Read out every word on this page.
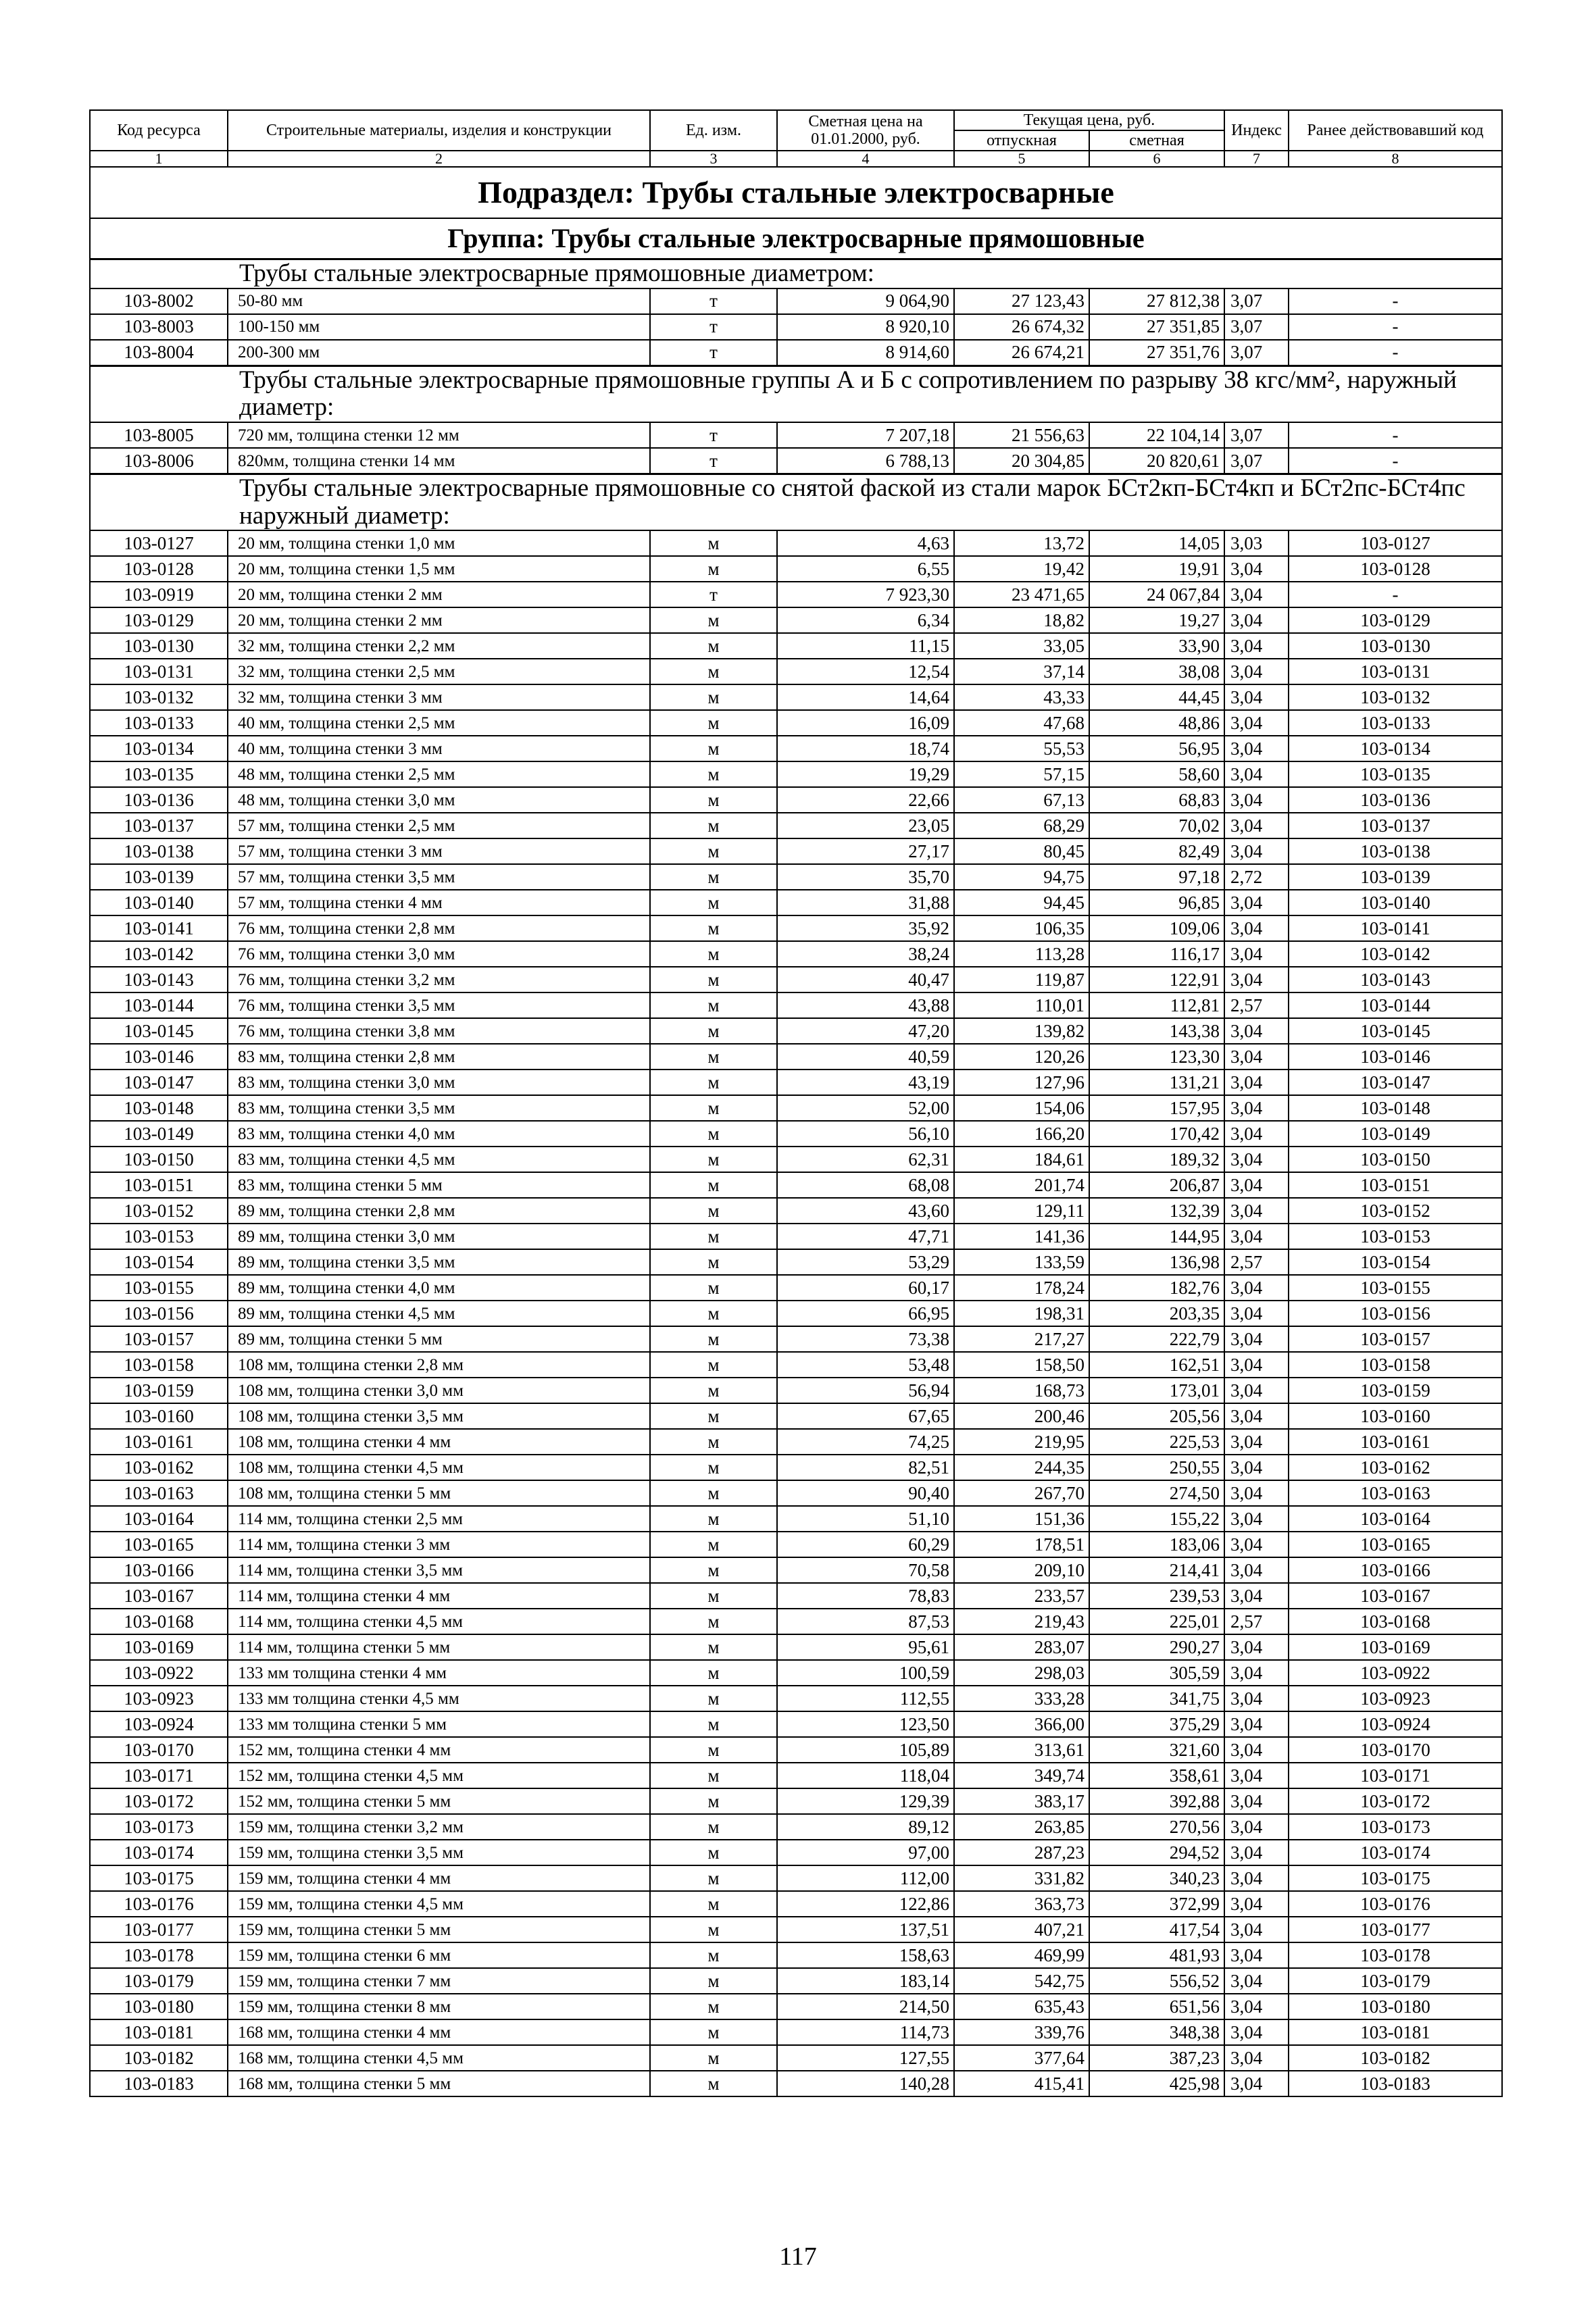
Код ресурса	Строительные материалы, изделия и конструкции	Ед. изм.	Сметная цена на 01.01.2000, руб.	Текущая цена, руб.		Индекс	Ранее действовавший код
				отпускная	сметная		
1	2	3	4	5	6	7	8
Подраздел: Трубы стальные электросварные							
Группа: Трубы стальные электросварные прямошовные							
Трубы стальные электросварные прямошовные диаметром:							
103-8002	50-80 мм	т	9 064,90	27 123,43	27 812,38	3,07	-
103-8003	100-150 мм	т	8 920,10	26 674,32	27 351,85	3,07	-
103-8004	200-300 мм	т	8 914,60	26 674,21	27 351,76	3,07	-
Трубы стальные электросварные прямошовные группы А и Б с сопротивлением по разрыву 38 кгс/мм², наружный диаметр:							
103-8005	720 мм, толщина стенки 12 мм	т	7 207,18	21 556,63	22 104,14	3,07	-
103-8006	820мм, толщина стенки 14 мм	т	6 788,13	20 304,85	20 820,61	3,07	-
Трубы стальные электросварные прямошовные со снятой фаской из стали марок БСт2кп-БСт4кп и БСт2пс-БСт4пс наружный диаметр:							
103-0127	20 мм, толщина стенки 1,0 мм	м	4,63	13,72	14,05	3,03	103-0127
103-0128	20 мм, толщина стенки 1,5 мм	м	6,55	19,42	19,91	3,04	103-0128
103-0919	20 мм, толщина стенки 2 мм	т	7 923,30	23 471,65	24 067,84	3,04	-
103-0129	20 мм, толщина стенки 2 мм	м	6,34	18,82	19,27	3,04	103-0129
103-0130	32 мм, толщина стенки 2,2 мм	м	11,15	33,05	33,90	3,04	103-0130
103-0131	32 мм, толщина стенки 2,5 мм	м	12,54	37,14	38,08	3,04	103-0131
103-0132	32 мм, толщина стенки 3 мм	м	14,64	43,33	44,45	3,04	103-0132
103-0133	40 мм, толщина стенки 2,5 мм	м	16,09	47,68	48,86	3,04	103-0133
103-0134	40 мм, толщина стенки 3 мм	м	18,74	55,53	56,95	3,04	103-0134
103-0135	48 мм, толщина стенки 2,5 мм	м	19,29	57,15	58,60	3,04	103-0135
103-0136	48 мм, толщина стенки 3,0 мм	м	22,66	67,13	68,83	3,04	103-0136
103-0137	57 мм, толщина стенки 2,5 мм	м	23,05	68,29	70,02	3,04	103-0137
103-0138	57 мм, толщина стенки 3 мм	м	27,17	80,45	82,49	3,04	103-0138
103-0139	57 мм, толщина стенки 3,5 мм	м	35,70	94,75	97,18	2,72	103-0139
103-0140	57 мм, толщина стенки 4 мм	м	31,88	94,45	96,85	3,04	103-0140
103-0141	76 мм, толщина стенки 2,8 мм	м	35,92	106,35	109,06	3,04	103-0141
103-0142	76 мм, толщина стенки 3,0 мм	м	38,24	113,28	116,17	3,04	103-0142
103-0143	76 мм, толщина стенки 3,2 мм	м	40,47	119,87	122,91	3,04	103-0143
103-0144	76 мм, толщина стенки 3,5 мм	м	43,88	110,01	112,81	2,57	103-0144
103-0145	76 мм, толщина стенки 3,8 мм	м	47,20	139,82	143,38	3,04	103-0145
103-0146	83 мм, толщина стенки 2,8 мм	м	40,59	120,26	123,30	3,04	103-0146
103-0147	83 мм, толщина стенки 3,0 мм	м	43,19	127,96	131,21	3,04	103-0147
103-0148	83 мм, толщина стенки 3,5 мм	м	52,00	154,06	157,95	3,04	103-0148
103-0149	83 мм, толщина стенки 4,0 мм	м	56,10	166,20	170,42	3,04	103-0149
103-0150	83 мм, толщина стенки 4,5 мм	м	62,31	184,61	189,32	3,04	103-0150
103-0151	83 мм, толщина стенки 5 мм	м	68,08	201,74	206,87	3,04	103-0151
103-0152	89 мм, толщина стенки 2,8 мм	м	43,60	129,11	132,39	3,04	103-0152
103-0153	89 мм, толщина стенки 3,0 мм	м	47,71	141,36	144,95	3,04	103-0153
103-0154	89 мм, толщина стенки 3,5 мм	м	53,29	133,59	136,98	2,57	103-0154
103-0155	89 мм, толщина стенки 4,0 мм	м	60,17	178,24	182,76	3,04	103-0155
103-0156	89 мм, толщина стенки 4,5 мм	м	66,95	198,31	203,35	3,04	103-0156
103-0157	89 мм, толщина стенки 5 мм	м	73,38	217,27	222,79	3,04	103-0157
103-0158	108 мм, толщина стенки 2,8 мм	м	53,48	158,50	162,51	3,04	103-0158
103-0159	108 мм, толщина стенки 3,0 мм	м	56,94	168,73	173,01	3,04	103-0159
103-0160	108 мм, толщина стенки 3,5 мм	м	67,65	200,46	205,56	3,04	103-0160
103-0161	108 мм, толщина стенки 4 мм	м	74,25	219,95	225,53	3,04	103-0161
103-0162	108 мм, толщина стенки 4,5 мм	м	82,51	244,35	250,55	3,04	103-0162
103-0163	108 мм, толщина стенки 5 мм	м	90,40	267,70	274,50	3,04	103-0163
103-0164	114 мм, толщина стенки 2,5 мм	м	51,10	151,36	155,22	3,04	103-0164
103-0165	114 мм, толщина стенки 3 мм	м	60,29	178,51	183,06	3,04	103-0165
103-0166	114 мм, толщина стенки 3,5 мм	м	70,58	209,10	214,41	3,04	103-0166
103-0167	114 мм, толщина стенки 4 мм	м	78,83	233,57	239,53	3,04	103-0167
103-0168	114 мм, толщина стенки 4,5 мм	м	87,53	219,43	225,01	2,57	103-0168
103-0169	114 мм, толщина стенки 5 мм	м	95,61	283,07	290,27	3,04	103-0169
103-0922	133 мм толщина стенки 4 мм	м	100,59	298,03	305,59	3,04	103-0922
103-0923	133 мм толщина стенки 4,5 мм	м	112,55	333,28	341,75	3,04	103-0923
103-0924	133 мм толщина стенки 5 мм	м	123,50	366,00	375,29	3,04	103-0924
103-0170	152 мм, толщина стенки 4 мм	м	105,89	313,61	321,60	3,04	103-0170
103-0171	152 мм, толщина стенки 4,5 мм	м	118,04	349,74	358,61	3,04	103-0171
103-0172	152 мм, толщина стенки 5 мм	м	129,39	383,17	392,88	3,04	103-0172
103-0173	159 мм, толщина стенки 3,2 мм	м	89,12	263,85	270,56	3,04	103-0173
103-0174	159 мм, толщина стенки 3,5 мм	м	97,00	287,23	294,52	3,04	103-0174
103-0175	159 мм, толщина стенки 4 мм	м	112,00	331,82	340,23	3,04	103-0175
103-0176	159 мм, толщина стенки 4,5 мм	м	122,86	363,73	372,99	3,04	103-0176
103-0177	159 мм, толщина стенки 5 мм	м	137,51	407,21	417,54	3,04	103-0177
103-0178	159 мм, толщина стенки 6 мм	м	158,63	469,99	481,93	3,04	103-0178
103-0179	159 мм, толщина стенки 7 мм	м	183,14	542,75	556,52	3,04	103-0179
103-0180	159 мм, толщина стенки 8 мм	м	214,50	635,43	651,56	3,04	103-0180
103-0181	168 мм, толщина стенки 4 мм	м	114,73	339,76	348,38	3,04	103-0181
103-0182	168 мм, толщина стенки 4,5 мм	м	127,55	377,64	387,23	3,04	103-0182
103-0183	168 мм, толщина стенки 5 мм	м	140,28	415,41	425,98	3,04	103-0183
117
